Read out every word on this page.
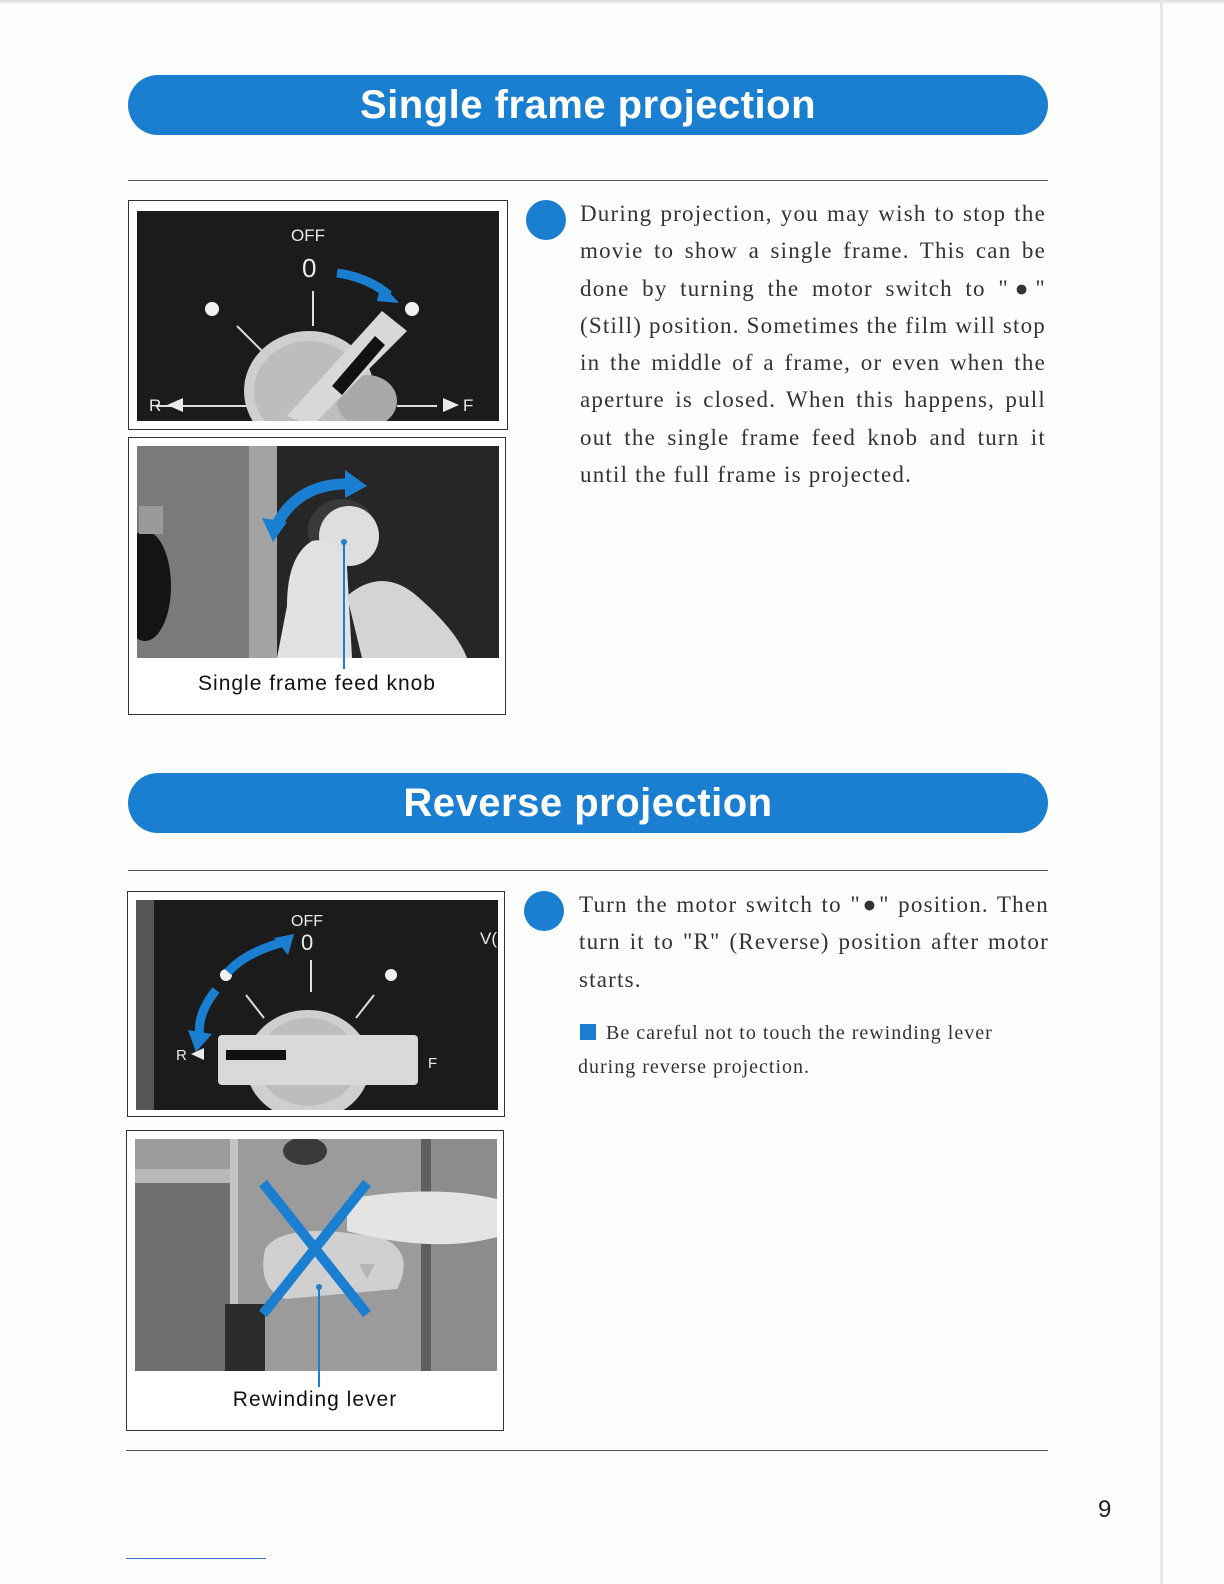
Single frame projection
OFF
0
R	F
Single frame feed knob
During projection, you may wish to stop the movie to show a single frame. This can be done by turning the motor switch to "●" (Still) position. Sometimes the film will stop in the middle of a frame, or even when the aperture is closed. When this happens, pull out the single frame feed knob and turn it until the full frame is projected.
Reverse projection
OFF
0	V(
R	F
Rewinding lever
Turn the motor switch to "●" position. Then turn it to "R" (Reverse) position after motor starts.
Be careful not to touch the rewinding lever during reverse projection.
9
